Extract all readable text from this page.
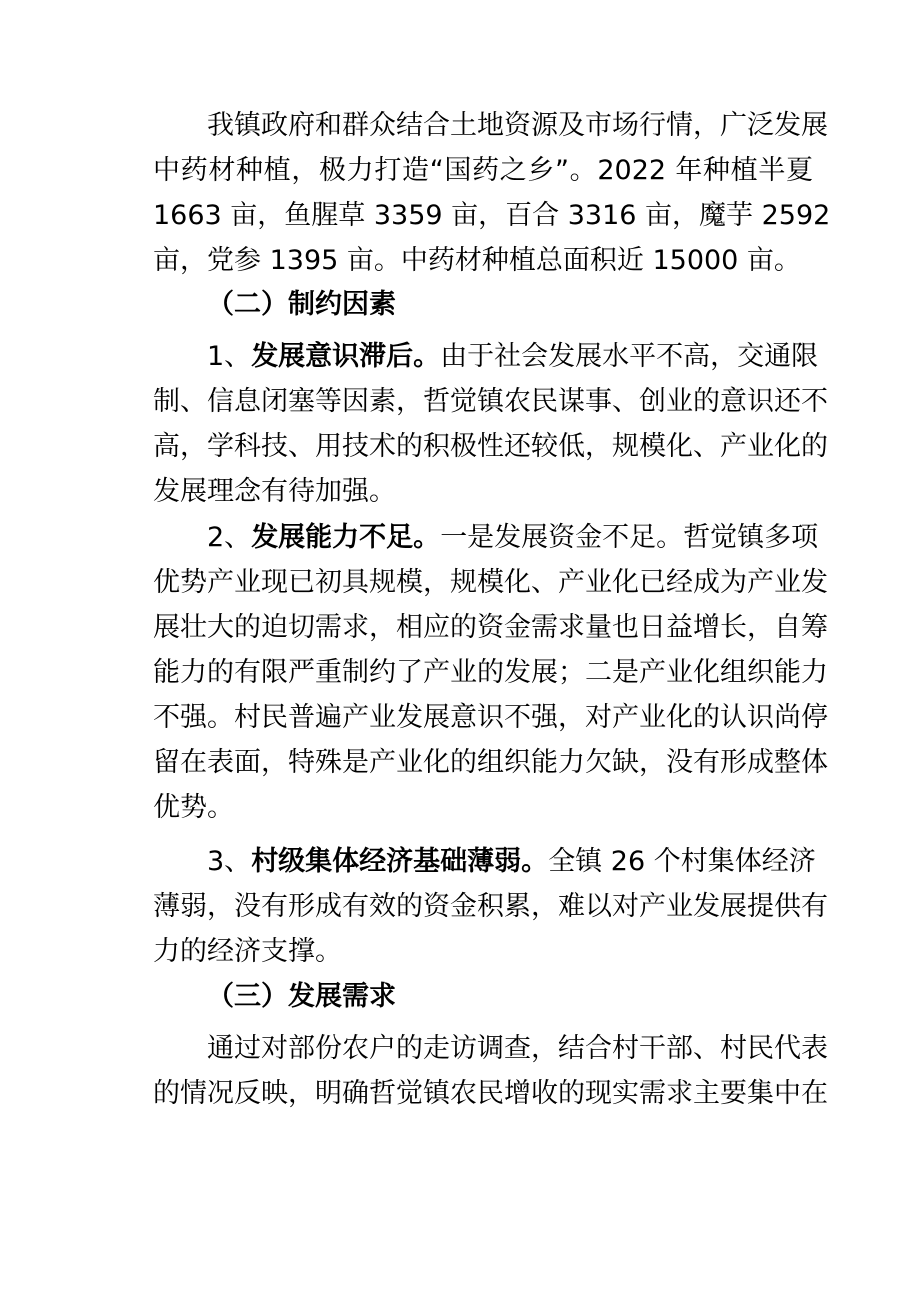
我镇政府和群众结合土地资源及市场行情，广泛发展
中药材种植，极力打造“国药之乡”。2022 年种植半夏
1663 亩，鱼腥草 3359 亩，百合 3316 亩，魔芋 2592
亩，党参 1395 亩。中药材种植总面积近 15000 亩。
（二）制约因素
1、发展意识滞后。由于社会发展水平不高，交通限
制、信息闭塞等因素，哲觉镇农民谋事、创业的意识还不
高，学科技、用技术的积极性还较低，规模化、产业化的
发展理念有待加强。
2、发展能力不足。一是发展资金不足。哲觉镇多项
优势产业现已初具规模，规模化、产业化已经成为产业发
展壮大的迫切需求，相应的资金需求量也日益增长，自筹
能力的有限严重制约了产业的发展；二是产业化组织能力
不强。村民普遍产业发展意识不强，对产业化的认识尚停
留在表面，特殊是产业化的组织能力欠缺，没有形成整体
优势。
3、村级集体经济基础薄弱。全镇 26 个村集体经济
薄弱，没有形成有效的资金积累，难以对产业发展提供有
力的经济支撑。
（三）发展需求
通过对部份农户的走访调查，结合村干部、村民代表
的情况反映，明确哲觉镇农民增收的现实需求主要集中在
